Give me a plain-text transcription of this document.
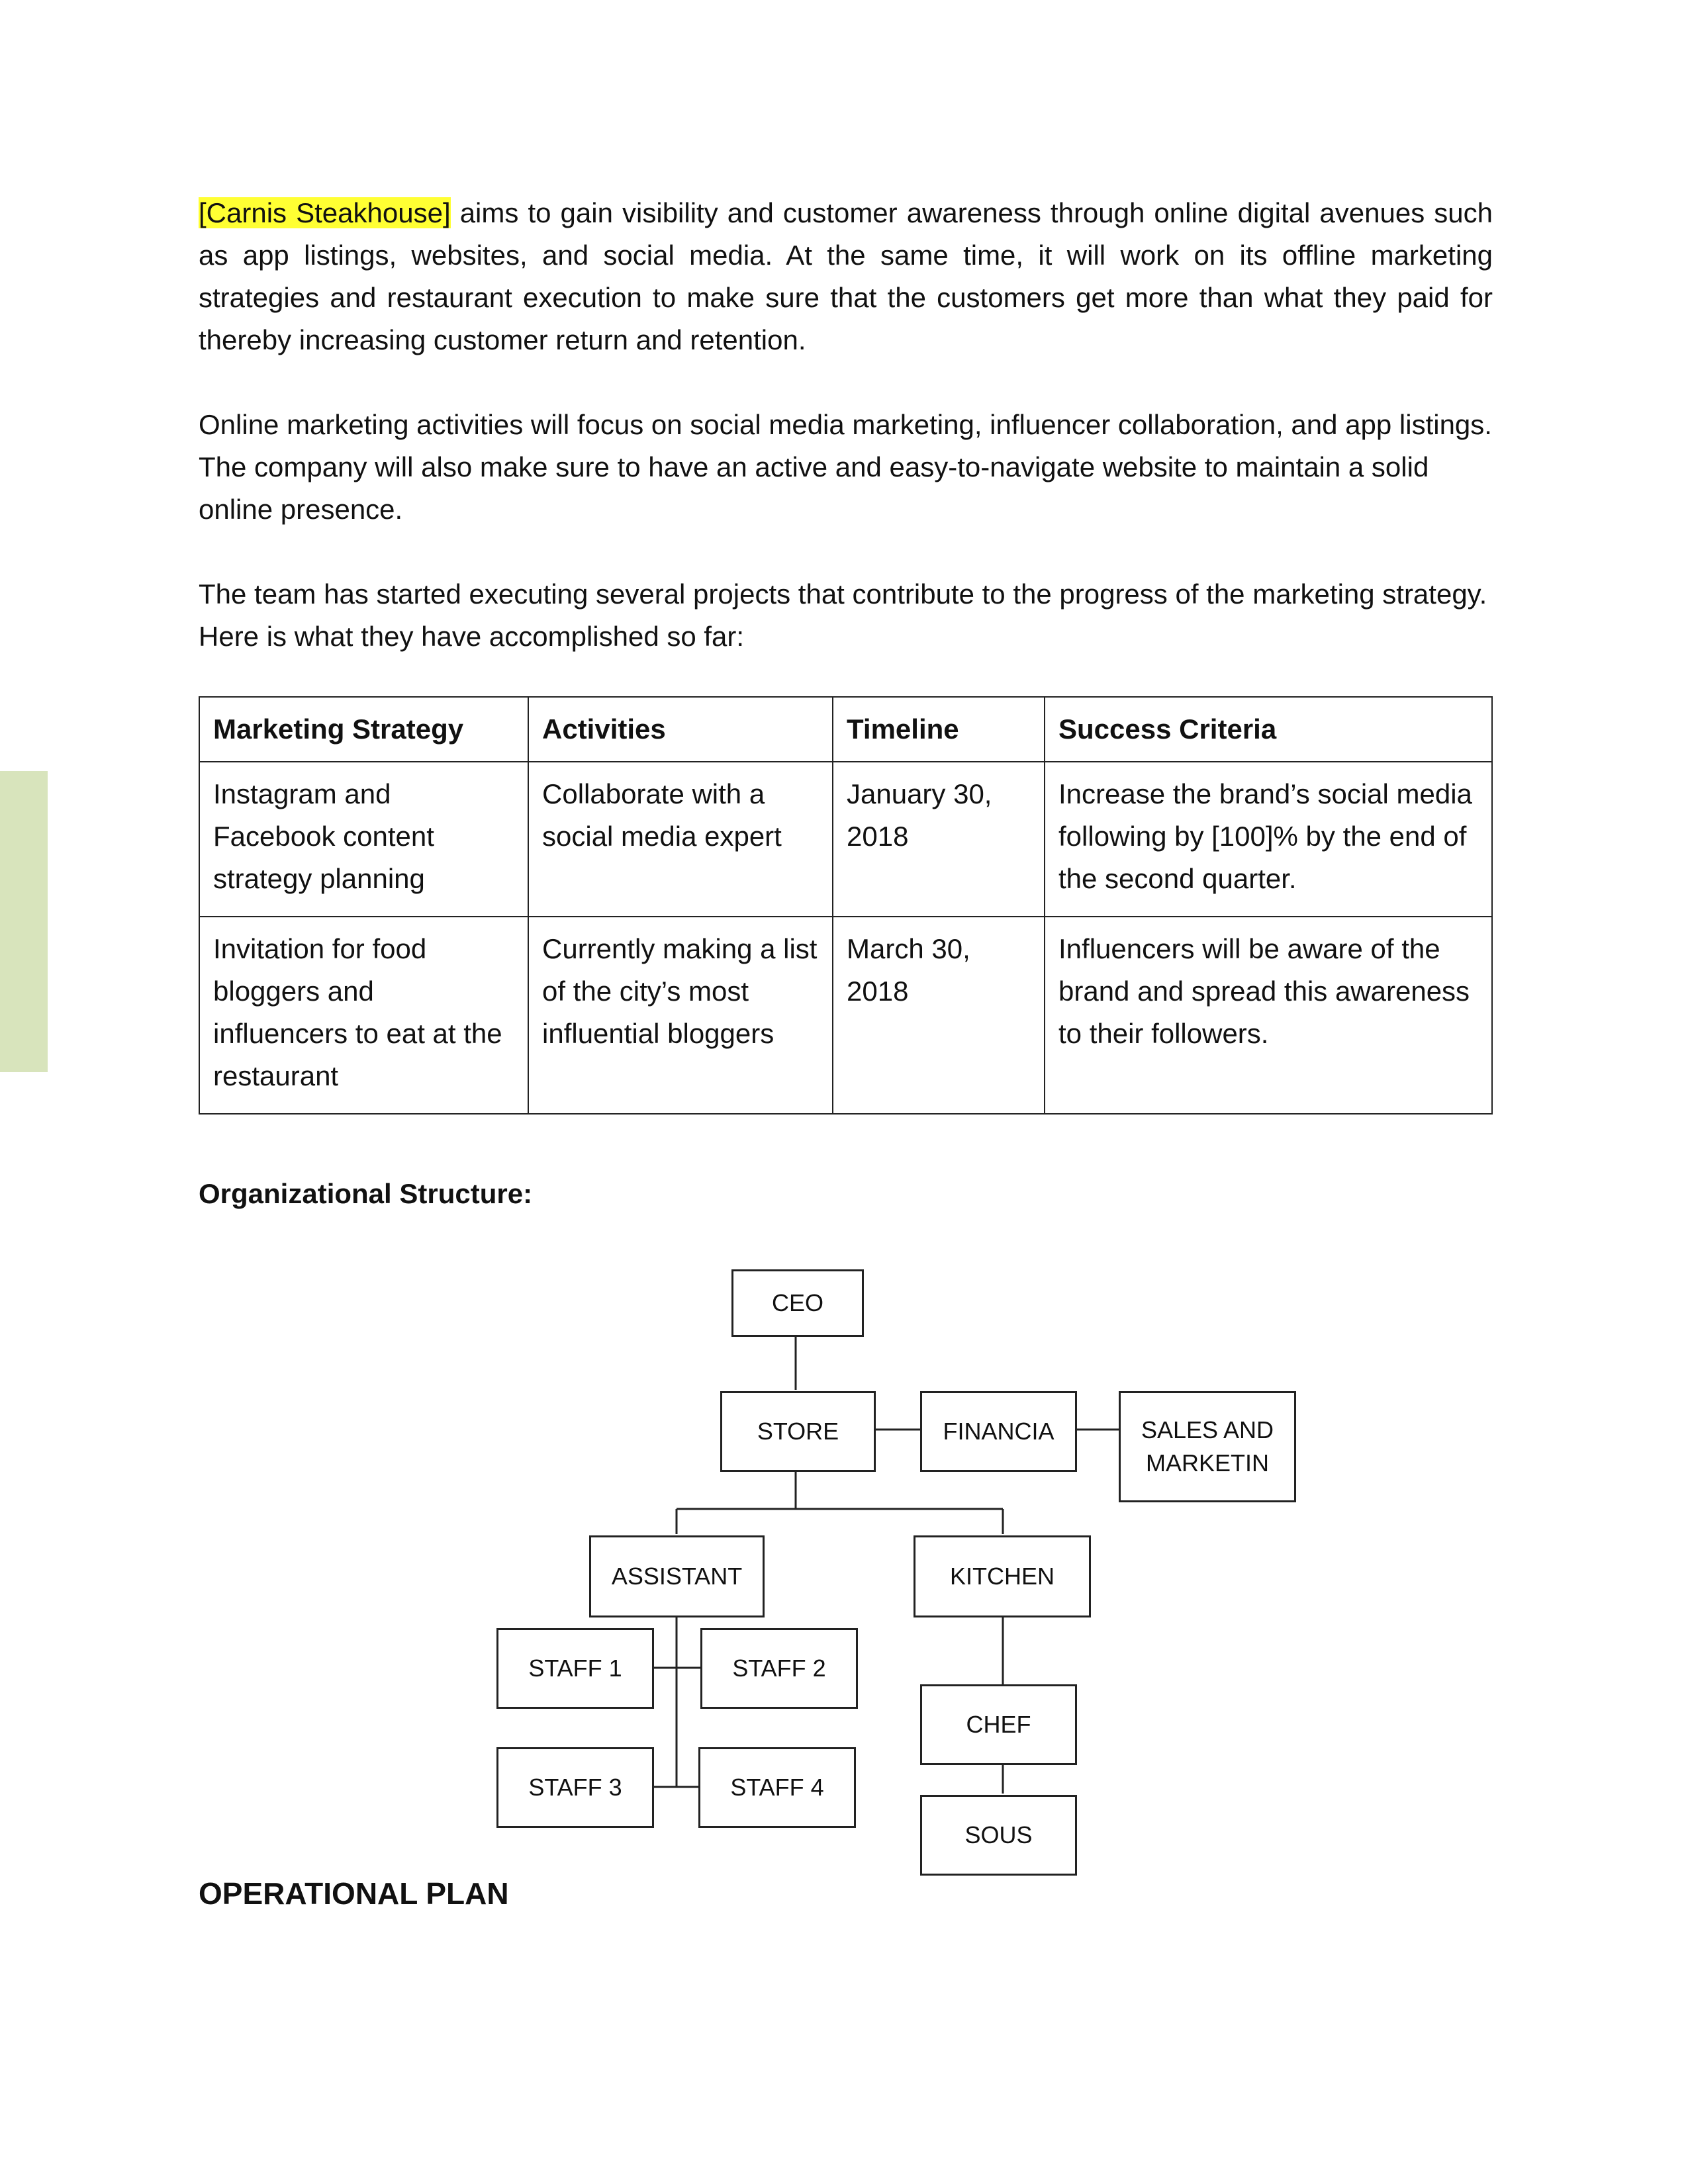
[Carnis Steakhouse] aims to gain visibility and customer awareness through online digital avenues such as app listings, websites, and social media. At the same time, it will work on its offline marketing strategies and restaurant execution to make sure that the customers get more than what they paid for thereby increasing customer return and retention.

Online marketing activities will focus on social media marketing, influencer collaboration, and app listings. The company will also make sure to have an active and easy-to-navigate website to maintain a solid online presence.

The team has started executing several projects that contribute to the progress of the marketing strategy. Here is what they have accomplished so far:

Marketing Strategy	Activities	Timeline	Success Criteria
Instagram and Facebook content strategy planning	Collaborate with a social media expert	January 30, 2018	Increase the brand’s social media following by [100]% by the end of the second quarter.
Invitation for food bloggers and influencers to eat at the restaurant	Currently making a list of the city’s most influential bloggers	March 30, 2018	Influencers will be aware of the brand and spread this awareness to their followers.
Organizational Structure:
CEO
STORE	FINANCIA	SALES AND MARKETIN
ASSISTANT	KITCHEN
STAFF 1	STAFF 2
STAFF 3	STAFF 4
CHEF
SOUS
OPERATIONAL PLAN
